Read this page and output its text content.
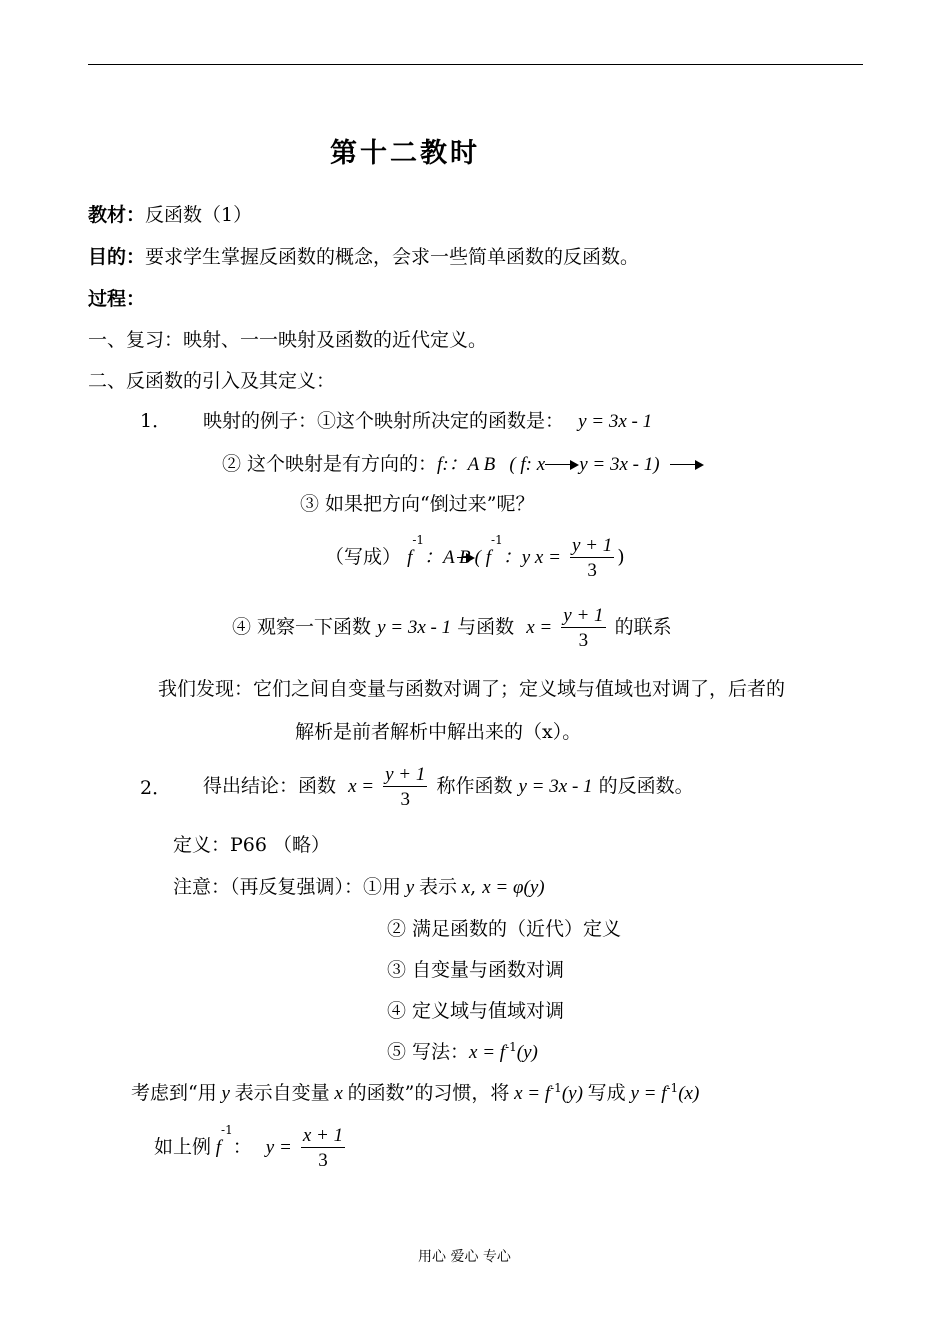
第十二教时
教材：反函数（1）
目的：要求学生掌握反函数的概念，会求一些简单函数的反函数。
过程：
一、复习：映射、一一映射及函数的近代定义。
二、反函数的引入及其定义：
1． 映射的例子：①这个映射所决定的函数是： y = 3x - 1
② 这个映射是有方向的：f:：A B ( f: x y = 3x - 1)
③ 如果把方向“倒过来”呢？
（写成） $f^{-1}$：A B ( $f^{-1}$：y $x = \frac{y + 1}{3}$ )
④ 观察一下函数 y = 3x - 1 与函数 $x = \frac{y + 1}{3}$ 的联系
我们发现：它们之间自变量与函数对调了；定义域与值域也对调了，后者的
解析是前者解析中解出来的（x）。
2． 得出结论：函数 $x = \frac{y + 1}{3}$ 称作函数 y = 3x - 1 的反函数。
定义：P66 （略）
注意：（再反复强调）：①用 y 表示 x, x = φ(y)
② 满足函数的（近代）定义
③ 自变量与函数对调
④ 定义域与值域对调
⑤ 写法：$x = f^{-1}(y)$
考虑到“用 y 表示自变量 x 的函数”的习惯，将 $x = f^{-1}(y)$ 写成 $y = f^{-1}(x)$
如上例 $f^{-1}$： $y = \frac{x + 1}{3}$
用心 爱心 专心
